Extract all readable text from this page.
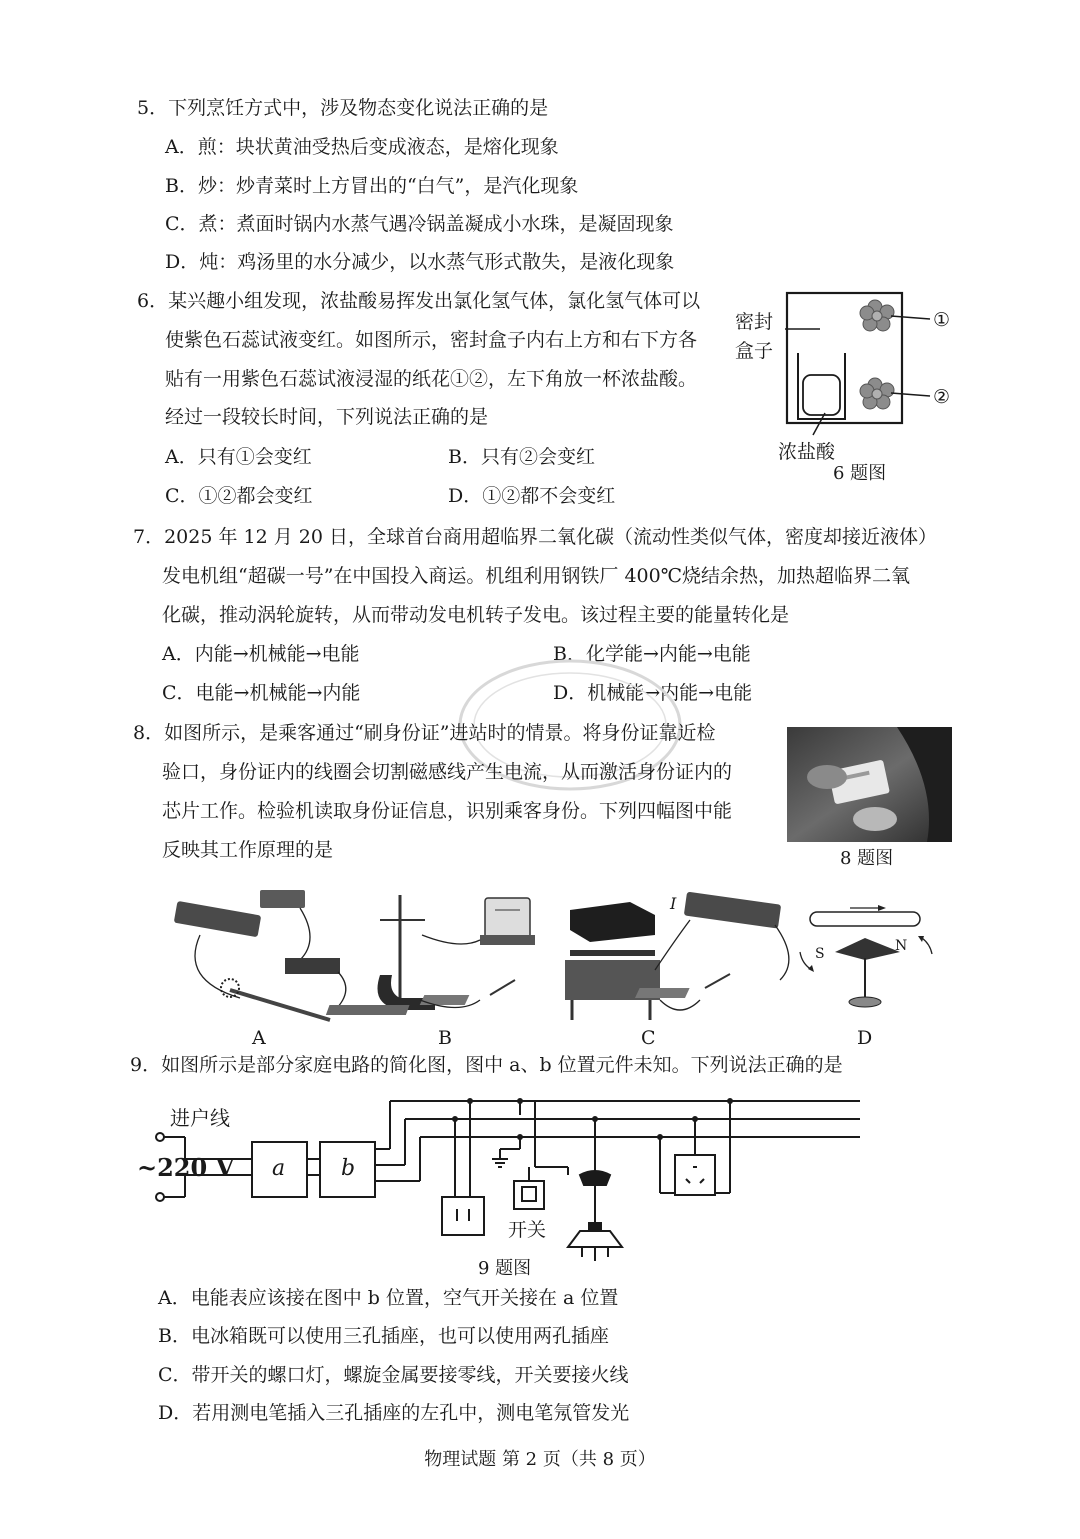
5．下列烹饪方式中，涉及物态变化说法正确的是
A．煎：块状黄油受热后变成液态，是熔化现象
B．炒：炒青菜时上方冒出的“白气”，是汽化现象
C．煮：煮面时锅内水蒸气遇冷锅盖凝成小水珠，是凝固现象
D．炖：鸡汤里的水分减少，以水蒸气形式散失，是液化现象
6．某兴趣小组发现，浓盐酸易挥发出氯化氢气体，氯化氢气体可以
使紫色石蕊试液变红。如图所示，密封盒子内右上方和右下方各
贴有一用紫色石蕊试液浸湿的纸花①②，左下角放一杯浓盐酸。
经过一段较长时间，下列说法正确的是
A．只有①会变红	B．只有②会变红
C．①②都会变红	D．①②都不会变红
密封
盒子
①
②
浓盐酸
6 题图
7．2025 年 12 月 20 日，全球首台商用超临界二氧化碳（流动性类似气体，密度却接近液体）
发电机组“超碳一号”在中国投入商运。机组利用钢铁厂 400℃烧结余热，加热超临界二氧
化碳，推动涡轮旋转，从而带动发电机转子发电。该过程主要的能量转化是
A．内能→机械能→电能	B．化学能→内能→电能
C．电能→机械能→内能	D．机械能→内能→电能
8．如图所示，是乘客通过“刷身份证”进站时的情景。将身份证靠近检
验口，身份证内的线圈会切割磁感线产生电流，从而激活身份证内的
芯片工作。检验机读取身份证信息，识别乘客身份。下列四幅图中能
反映其工作原理的是	8 题图
I
S	N
A	B	C	D
9．如图所示是部分家庭电路的简化图，图中 a、b 位置元件未知。下列说法正确的是
进户线
~220 V a	b
开关
9 题图
A．电能表应该接在图中 b 位置，空气开关接在 a 位置
B．电冰箱既可以使用三孔插座，也可以使用两孔插座
C．带开关的螺口灯，螺旋金属要接零线，开关要接火线
D．若用测电笔插入三孔插座的左孔中，测电笔氖管发光
物理试题 第 2 页（共 8 页）
